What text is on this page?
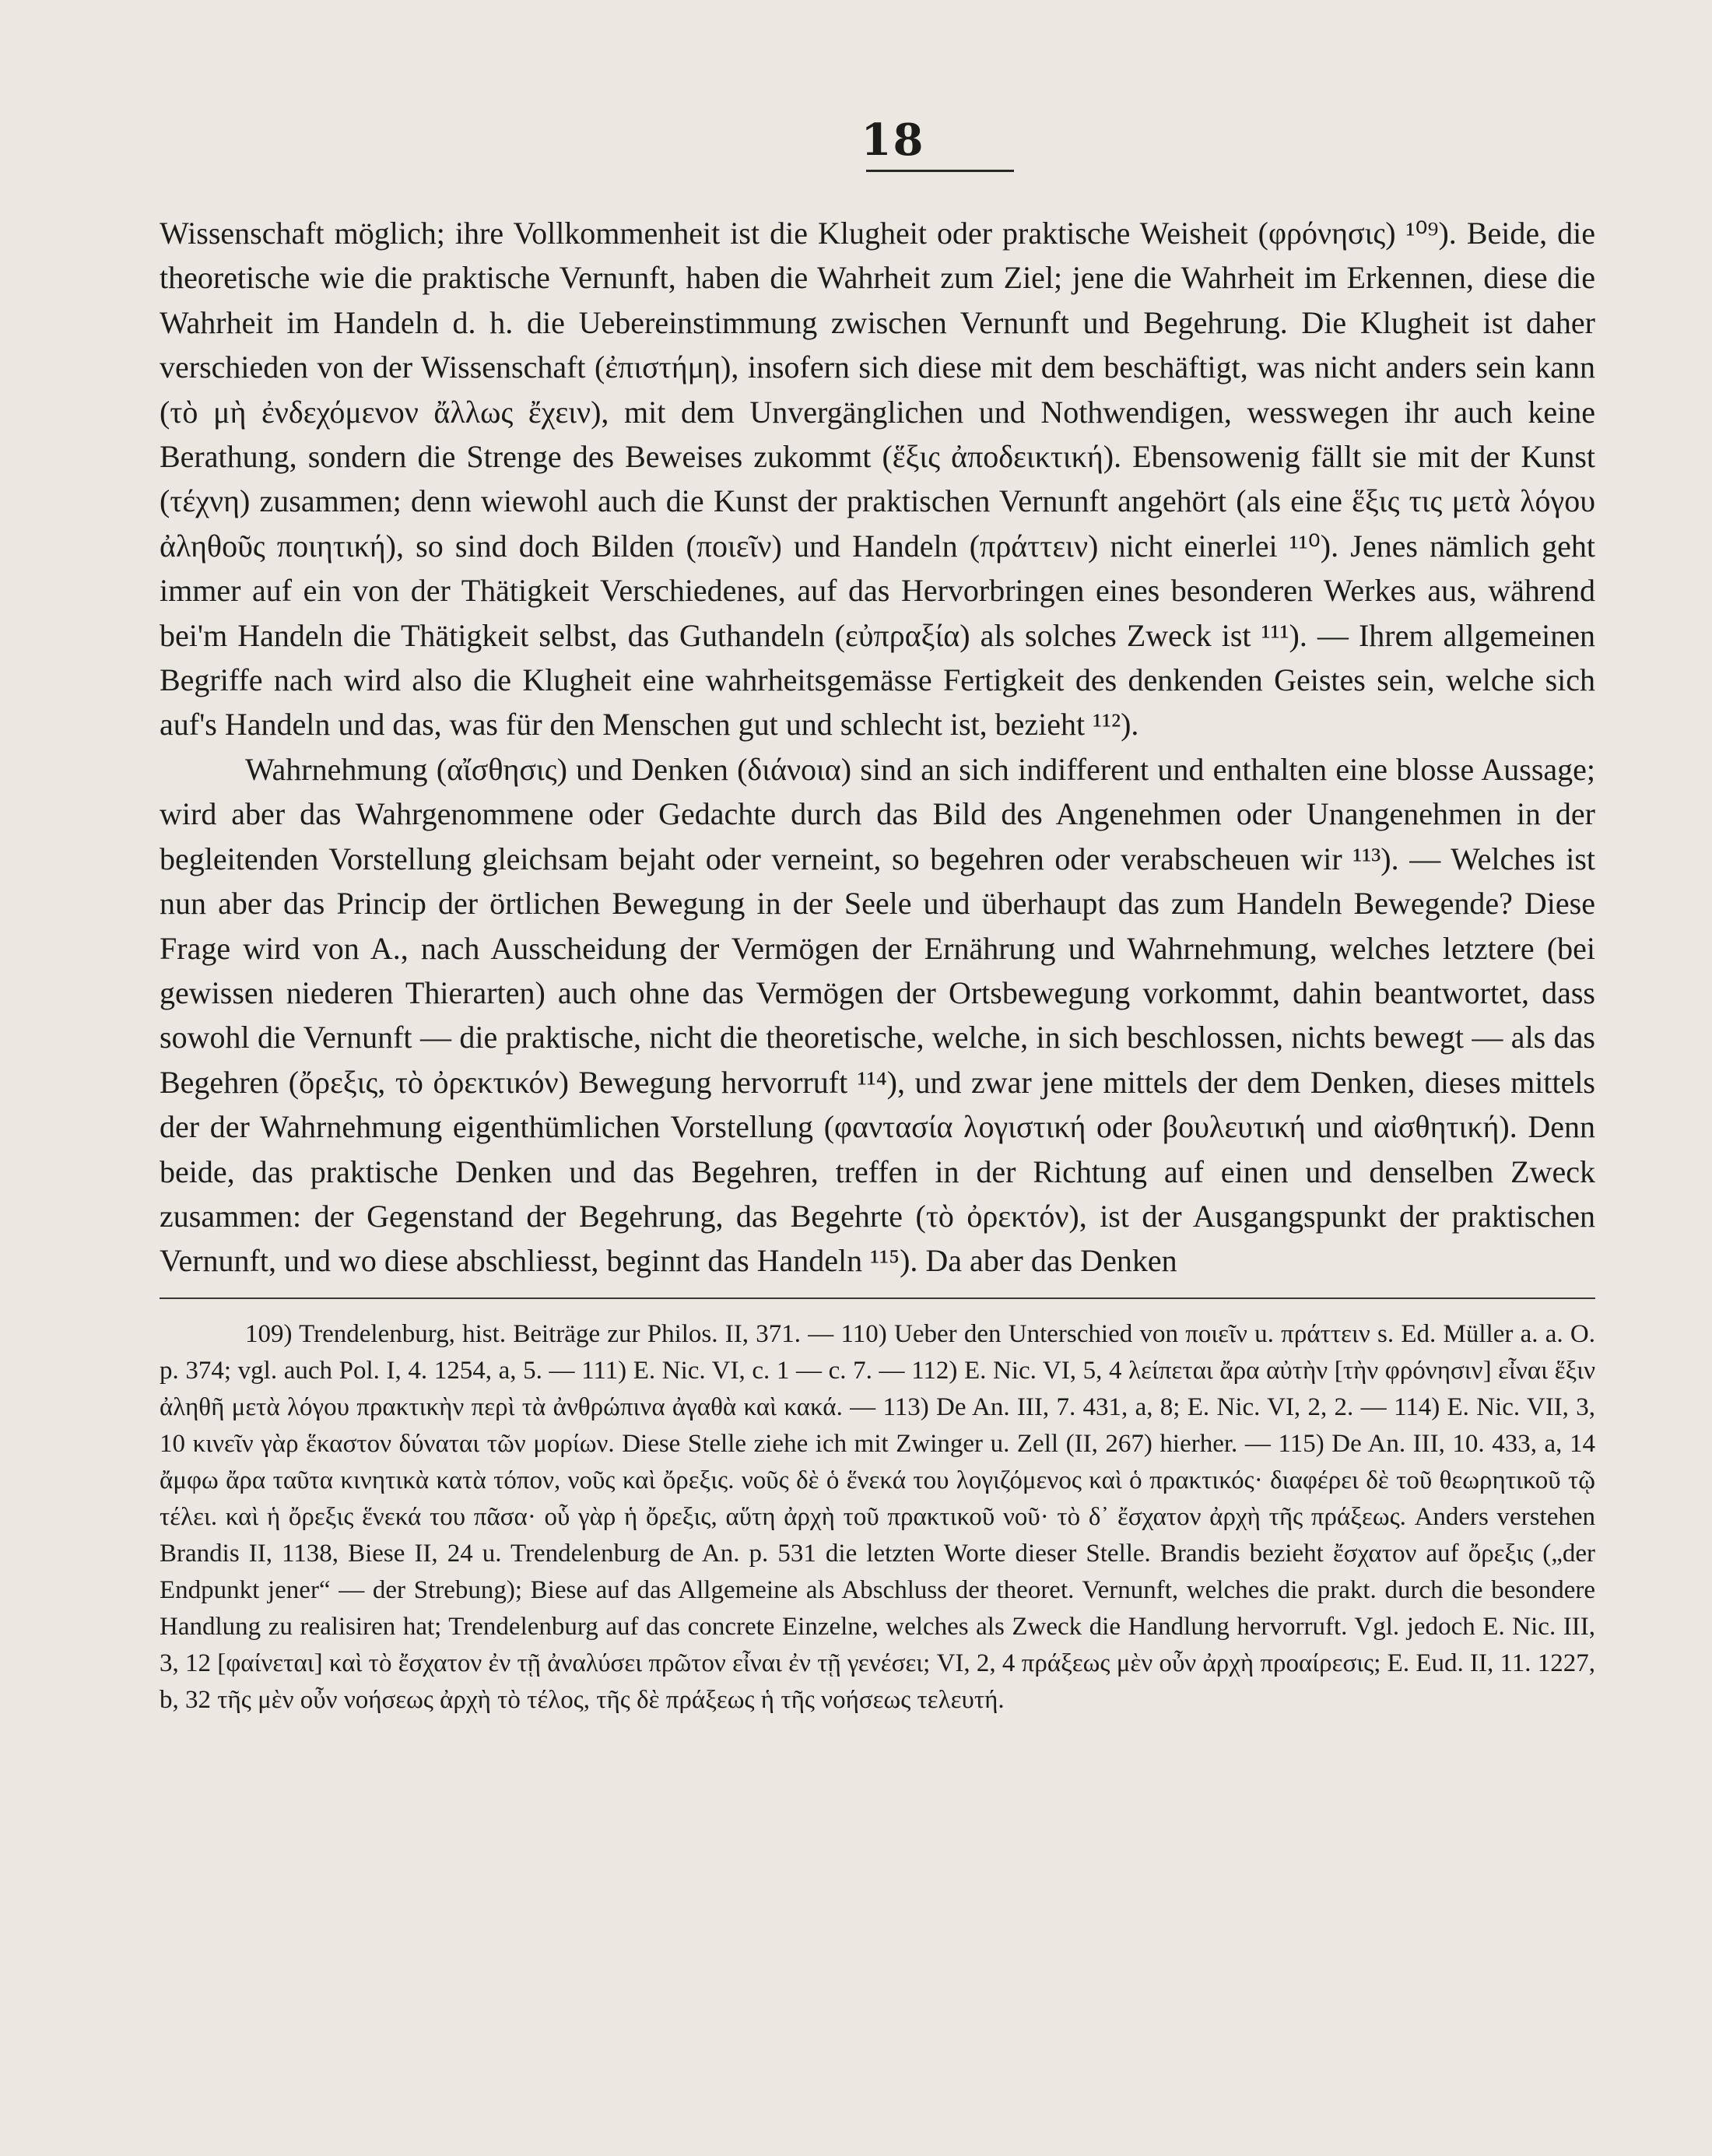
18

Wissenschaft möglich; ihre Vollkommenheit ist die Klugheit oder praktische Weisheit (φρόνησις) ¹⁰⁹). Beide, die theoretische wie die praktische Vernunft, haben die Wahrheit zum Ziel; jene die Wahrheit im Erkennen, diese die Wahrheit im Handeln d. h. die Uebereinstimmung zwischen Vernunft und Begehrung. Die Klugheit ist daher verschieden von der Wissenschaft (ἐπιστήμη), insofern sich diese mit dem beschäftigt, was nicht anders sein kann (τὸ μὴ ἐνδεχόμενον ἄλλως ἔχειν), mit dem Unvergänglichen und Nothwendigen, wesswegen ihr auch keine Berathung, sondern die Strenge des Beweises zukommt (ἕξις ἀποδεικτική). Ebensowenig fällt sie mit der Kunst (τέχνη) zusammen; denn wiewohl auch die Kunst der praktischen Vernunft angehört (als eine ἕξις τις μετὰ λόγου ἀληθοῦς ποιητική), so sind doch Bilden (ποιεῖν) und Handeln (πράττειν) nicht einerlei ¹¹⁰). Jenes nämlich geht immer auf ein von der Thätigkeit Verschiedenes, auf das Hervorbringen eines besonderen Werkes aus, während bei'm Handeln die Thätigkeit selbst, das Guthandeln (εὐπραξία) als solches Zweck ist ¹¹¹). — Ihrem allgemeinen Begriffe nach wird also die Klugheit eine wahrheitsgemässe Fertigkeit des denkenden Geistes sein, welche sich auf's Handeln und das, was für den Menschen gut und schlecht ist, bezieht ¹¹²).

Wahrnehmung (αἴσθησις) und Denken (διάνοια) sind an sich indifferent und enthalten eine blosse Aussage; wird aber das Wahrgenommene oder Gedachte durch das Bild des Angenehmen oder Unangenehmen in der begleitenden Vorstellung gleichsam bejaht oder verneint, so begehren oder verabscheuen wir ¹¹³). — Welches ist nun aber das Princip der örtlichen Bewegung in der Seele und überhaupt das zum Handeln Bewegende? Diese Frage wird von A., nach Ausscheidung der Vermögen der Ernährung und Wahrnehmung, welches letztere (bei gewissen niederen Thierarten) auch ohne das Vermögen der Ortsbewegung vorkommt, dahin beantwortet, dass sowohl die Vernunft — die praktische, nicht die theoretische, welche, in sich beschlossen, nichts bewegt — als das Begehren (ὄρεξις, τὸ ὀρεκτικόν) Bewegung hervorruft ¹¹⁴), und zwar jene mittels der dem Denken, dieses mittels der der Wahrnehmung eigenthümlichen Vorstellung (φαντασία λογιστική oder βουλευτική und αἰσθητική). Denn beide, das praktische Denken und das Begehren, treffen in der Richtung auf einen und denselben Zweck zusammen: der Gegenstand der Begehrung, das Begehrte (τὸ ὀρεκτόν), ist der Ausgangspunkt der praktischen Vernunft, und wo diese abschliesst, beginnt das Handeln ¹¹⁵). Da aber das Denken

109) Trendelenburg, hist. Beiträge zur Philos. II, 371. — 110) Ueber den Unterschied von ποιεῖν u. πράττειν s. Ed. Müller a. a. O. p. 374; vgl. auch Pol. I, 4. 1254, a, 5. — 111) E. Nic. VI, c. 1 — c. 7. — 112) E. Nic. VI, 5, 4 λείπεται ἄρα αὐτὴν [τὴν φρόνησιν] εἶναι ἕξιν ἀληθῆ μετὰ λόγου πρακτικὴν περὶ τὰ ἀνθρώπινα ἀγαθὰ καὶ κακά. — 113) De An. III, 7. 431, a, 8; E. Nic. VI, 2, 2. — 114) E. Nic. VII, 3, 10 κινεῖν γὰρ ἕκαστον δύναται τῶν μορίων. Diese Stelle ziehe ich mit Zwinger u. Zell (II, 267) hierher. — 115) De An. III, 10. 433, a, 14 ἄμφω ἄρα ταῦτα κινητικὰ κατὰ τόπον, νοῦς καὶ ὄρεξις. νοῦς δὲ ὁ ἕνεκά του λογιζόμενος καὶ ὁ πρακτικός· διαφέρει δὲ τοῦ θεωρητικοῦ τῷ τέλει. καὶ ἡ ὄρεξις ἕνεκά του πᾶσα· οὗ γὰρ ἡ ὄρεξις, αὕτη ἀρχὴ τοῦ πρακτικοῦ νοῦ· τὸ δ᾽ ἔσχατον ἀρχὴ τῆς πράξεως. Anders verstehen Brandis II, 1138, Biese II, 24 u. Trendelenburg de An. p. 531 die letzten Worte dieser Stelle. Brandis bezieht ἔσχατον auf ὄρεξις („der Endpunkt jener“ — der Strebung); Biese auf das Allgemeine als Abschluss der theoret. Vernunft, welches die prakt. durch die besondere Handlung zu realisiren hat; Trendelenburg auf das concrete Einzelne, welches als Zweck die Handlung hervorruft. Vgl. jedoch E. Nic. III, 3, 12 [φαίνεται] καὶ τὸ ἔσχατον ἐν τῇ ἀναλύσει πρῶτον εἶναι ἐν τῇ γενέσει; VI, 2, 4 πράξεως μὲν οὖν ἀρχὴ προαίρεσις; E. Eud. II, 11. 1227, b, 32 τῆς μὲν οὖν νοήσεως ἀρχὴ τὸ τέλος, τῆς δὲ πράξεως ἡ τῆς νοήσεως τελευτή.
